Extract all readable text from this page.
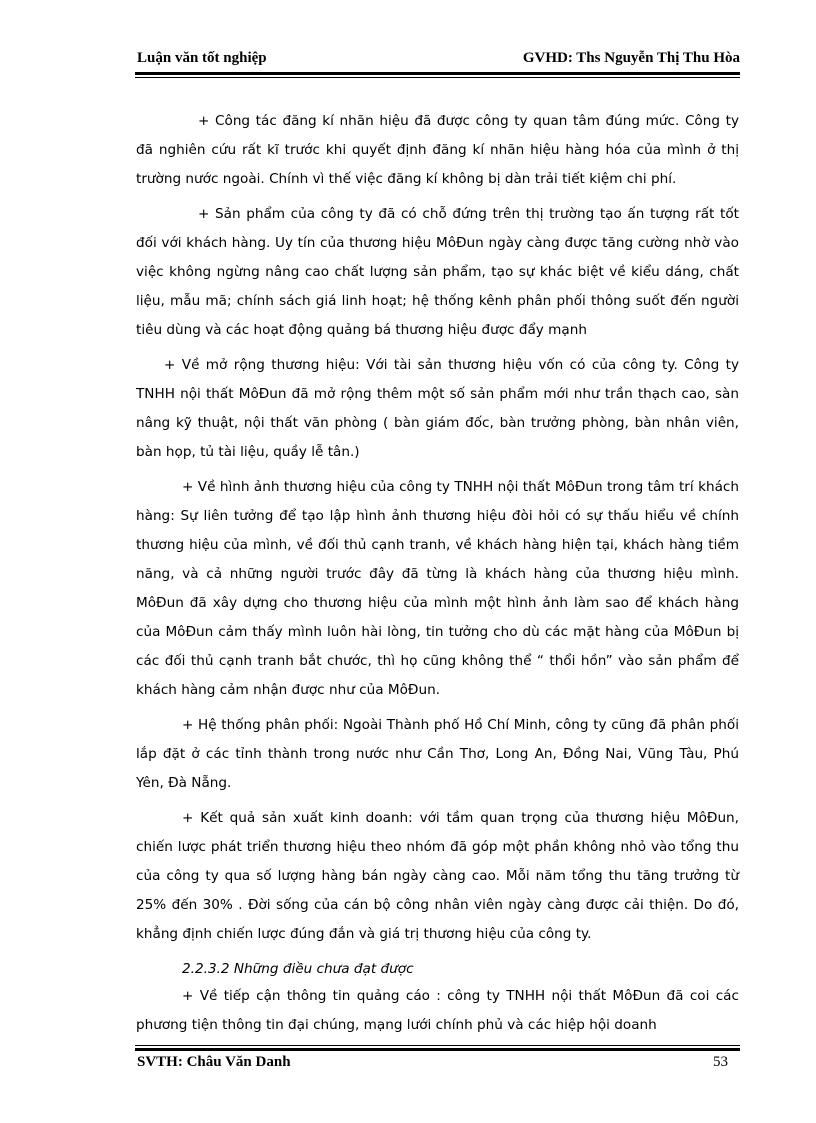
Luận văn tốt nghiệp	GVHD: Ths Nguyễn Thị Thu Hòa

+ Công tác đăng kí nhãn hiệu đã được công ty quan tâm đúng mức. Công ty đã nghiên cứu rất kĩ trước khi quyết định đăng kí nhãn hiệu hàng hóa của mình ở thị trường nước ngoài. Chính vì thế việc đăng kí không bị dàn trải tiết kiệm chi phí.

+ Sản phẩm của công ty đã có chỗ đứng trên thị trường tạo ấn tượng rất tốt đối với khách hàng. Uy tín của thương hiệu MôĐun ngày càng được tăng cường nhờ vào việc không ngừng nâng cao chất lượng sản phẩm, tạo sự khác biệt về kiểu dáng, chất liệu, mẫu mã; chính sách giá linh hoạt; hệ thống kênh phân phối thông suốt đến người tiêu dùng và các hoạt động quảng bá thương hiệu được đẩy mạnh

+ Về mở rộng thương hiệu: Với tài sản thương hiệu vốn có của công ty. Công ty TNHH nội thất MôĐun đã mở rộng thêm một số sản phẩm mới như trần thạch cao, sàn nâng kỹ thuật, nội thất văn phòng ( bàn giám đốc, bàn trưởng phòng, bàn nhân viên, bàn họp, tủ tài liệu, quầy lễ tân.)

+ Về hình ảnh thương hiệu của công ty TNHH nội thất MôĐun trong tâm trí khách hàng: Sự liên tưởng để tạo lập hình ảnh thương hiệu đòi hỏi có sự thấu hiểu về chính thương hiệu của mình, về đối thủ cạnh tranh, về khách hàng hiện tại, khách hàng tiềm năng, và cả những người trước đây đã từng là khách hàng của thương hiệu mình. MôĐun đã xây dựng cho thương hiệu của mình một hình ảnh làm sao để khách hàng của MôĐun cảm thấy mình luôn hài lòng, tin tưởng cho dù các mặt hàng của MôĐun bị các đối thủ cạnh tranh bắt chước, thì họ cũng không thể “ thổi hồn” vào sản phẩm để khách hàng cảm nhận được như của MôĐun.

+ Hệ thống phân phối: Ngoài Thành phố Hồ Chí Minh, công ty cũng đã phân phối lắp đặt ở các tỉnh thành trong nước như Cần Thơ, Long An, Đồng Nai, Vũng Tàu, Phú Yên, Đà Nẵng.

+ Kết quả sản xuất kinh doanh: với tầm quan trọng của thương hiệu MôĐun, chiến lược phát triển thương hiệu theo nhóm đã góp một phần không nhỏ vào tổng thu của công ty qua số lượng hàng bán ngày càng cao. Mỗi năm tổng thu tăng trưởng từ 25% đến 30% . Đời sống của cán bộ công nhân viên ngày càng được cải thiện. Do đó, khẳng định chiến lược đúng đắn và giá trị thương hiệu của công ty.

2.2.3.2 Những điều chưa đạt được

+ Về tiếp cận thông tin quảng cáo : công ty TNHH nội thất MôĐun đã coi các phương tiện thông tin đại chúng, mạng lưới chính phủ và các hiệp hội doanh

SVTH: Châu Văn Danh	53
